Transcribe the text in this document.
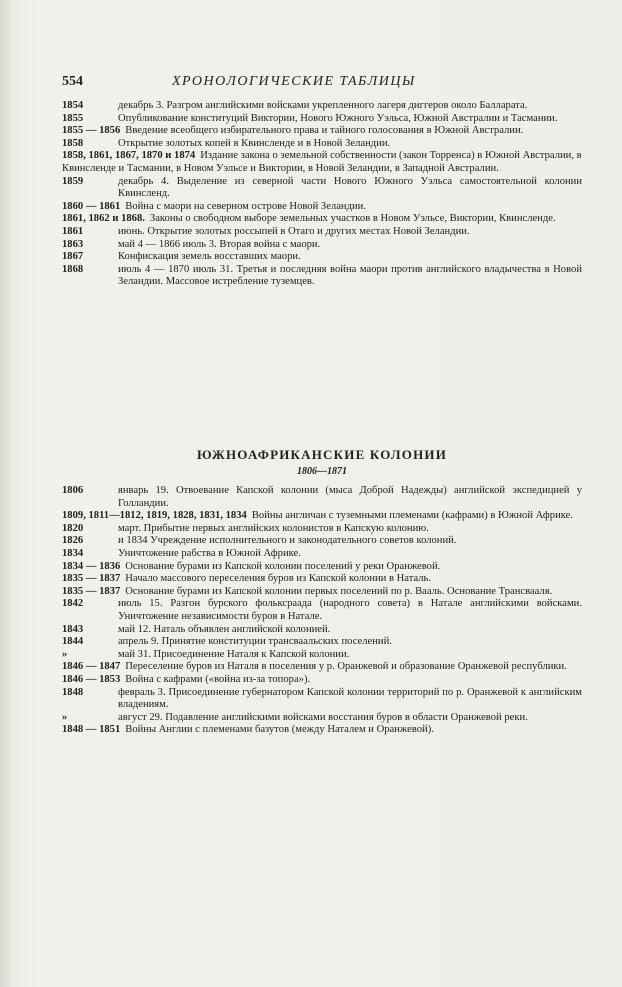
554	ХРОНОЛОГИЧЕСКИЕ ТАБЛИЦЫ
1854	декабрь 3. Разгром английскими войсками укрепленного лагеря диггеров около Балларата.
1855	Опубликование конституций Виктории, Нового Южного Уэльса, Южной Австралии и Тасмании.
1855 — 1856 Введение всеобщего избирательного права и тайного голосования в Южной Австралии.
1858	Открытие золотых копей в Квинсленде и в Новой Зеландии.
1858, 1861, 1867, 1870 и 1874 Издание закона о земельной собственности (закон Торренса) в Южной Австралии, в Квинсленде и Тасмании, в Новом Уэльсе и Виктории, в Новой Зеландии, в Западной Австралии.
1859	декабрь 4. Выделение из северной части Нового Южного Уэльса самостоятельной колонии Квинсленд.
1860 — 1861 Война с маори на северном острове Новой Зеландии.
1861, 1862 и 1868. Законы о свободном выборе земельных участков в Новом Уэльсе, Виктории, Квинсленде.
1861	июнь. Открытие золотых россыпей в Отаго и других местах Новой Зеландии.
1863	май 4 — 1866 июль 3. Вторая война с маори.
1867	Конфискация земель восставших маори.
1868	июль 4 — 1870 июль 31. Третья и последняя война маори против английского владычества в Новой Зеландии. Массовое истребление туземцев.
ЮЖНОАФРИКАНСКИЕ КОЛОНИИ
1806—1871
1806	январь 19. Отвоевание Капской колонии (мыса Доброй Надежды) английской экспедицией у Голландии.
1809, 1811—1812, 1819, 1828, 1831, 1834 Войны англичан с туземными племенами (кафрами) в Южной Африке.
1820	март. Прибытие первых английских колонистов в Капскую колонию.
1826	и 1834 Учреждение исполнительного и законодательного советов колоний.
1834	Уничтожение рабства в Южной Африке.
1834 — 1836 Основание бурами из Капской колонии поселений у реки Оранжевой.
1835 — 1837 Начало массового переселения буров из Капской колонии в Наталь.
1835 — 1837 Основание бурами из Капской колонии первых поселений по р. Вааль. Основание Трансвааля.
1842	июль 15. Разгон бурского фольксраада (народного совета) в Натале английскими войсками. Уничтожение независимости буров в Натале.
1843	май 12. Наталь объявлен английской колонией.
1844	апрель 9. Принятие конституции трансваальских поселений.
»	май 31. Присоединение Наталя к Капской колонии.
1846 — 1847 Переселение буров из Наталя в поселения у р. Оранжевой и образование Оранжевой республики.
1846 — 1853 Война с кафрами («война из-за топора»).
1848	февраль 3. Присоединение губернатором Капской колонии территорий по р. Оранжевой к английским владениям.
»	август 29. Подавление английскими войсками восстания буров в области Оранжевой реки.
1848 — 1851 Войны Англии с племенами базутов (между Наталем и Оранжевой).
